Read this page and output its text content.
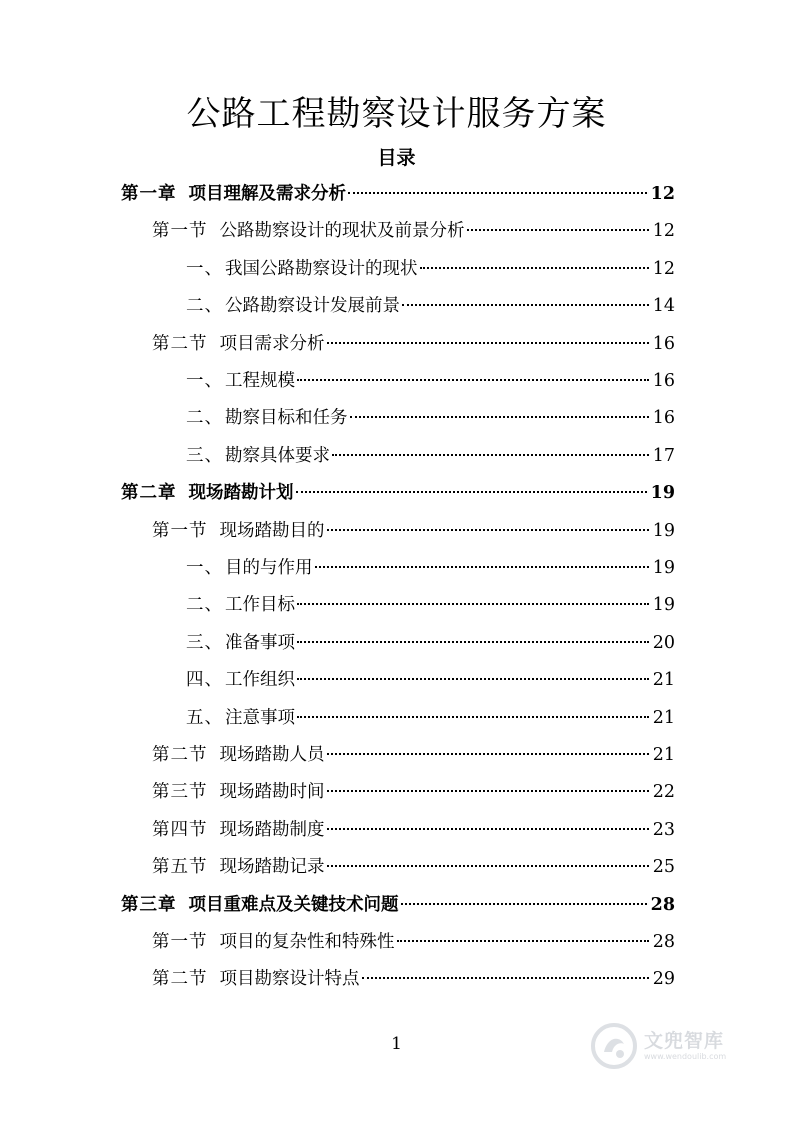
公路工程勘察设计服务方案
目录
第一章 项目理解及需求分析	12
第一节 公路勘察设计的现状及前景分析	12
一、 我国公路勘察设计的现状	12
二、 公路勘察设计发展前景	14
第二节 项目需求分析	16
一、 工程规模	16
二、 勘察目标和任务	16
三、 勘察具体要求	17
第二章 现场踏勘计划	19
第一节 现场踏勘目的	19
一、 目的与作用	19
二、 工作目标	19
三、 准备事项	20
四、 工作组织	21
五、 注意事项	21
第二节 现场踏勘人员	21
第三节 现场踏勘时间	22
第四节 现场踏勘制度	23
第五节 现场踏勘记录	25
第三章 项目重难点及关键技术问题	28
第一节 项目的复杂性和特殊性	28
第二节 项目勘察设计特点	29
1	文兜智库
www.wendoulib.com
